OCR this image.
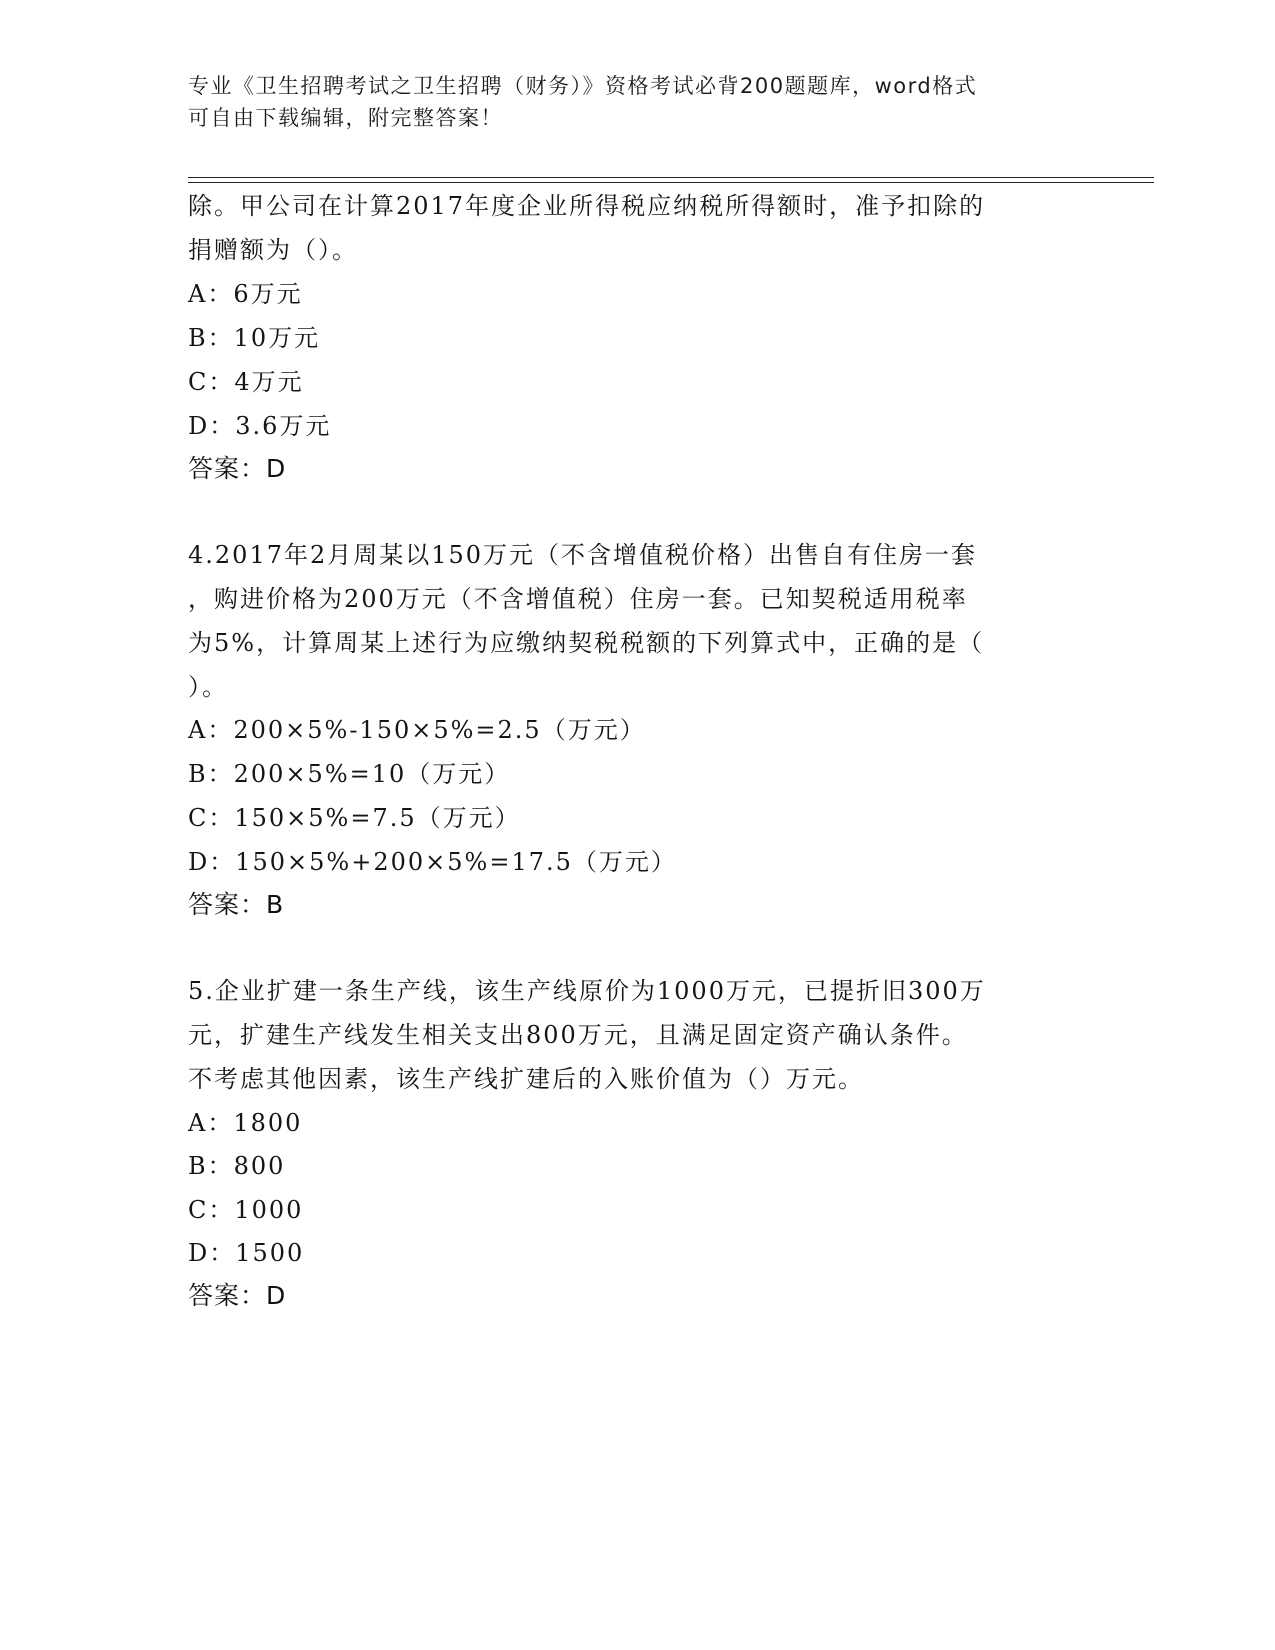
专业《卫生招聘考试之卫生招聘（财务）》资格考试必背200题题库，word格式
可自由下载编辑，附完整答案！
除。甲公司在计算2017年度企业所得税应纳税所得额时，准予扣除的
捐赠额为（）。
A：6万元
B：10万元
C：4万元
D：3.6万元
答案：D
4.2017年2月周某以150万元（不含增值税价格）出售自有住房一套
，购进价格为200万元（不含增值税）住房一套。已知契税适用税率
为5%，计算周某上述行为应缴纳契税税额的下列算式中，正确的是（
）。
A：200×5%-150×5%=2.5（万元）
B：200×5%=10（万元）
C：150×5%=7.5（万元）
D：150×5%+200×5%=17.5（万元）
答案：B
5.企业扩建一条生产线，该生产线原价为1000万元，已提折旧300万
元，扩建生产线发生相关支出800万元，且满足固定资产确认条件。
不考虑其他因素，该生产线扩建后的入账价值为（）万元。
A：1800
B：800
C：1000
D：1500
答案：D
